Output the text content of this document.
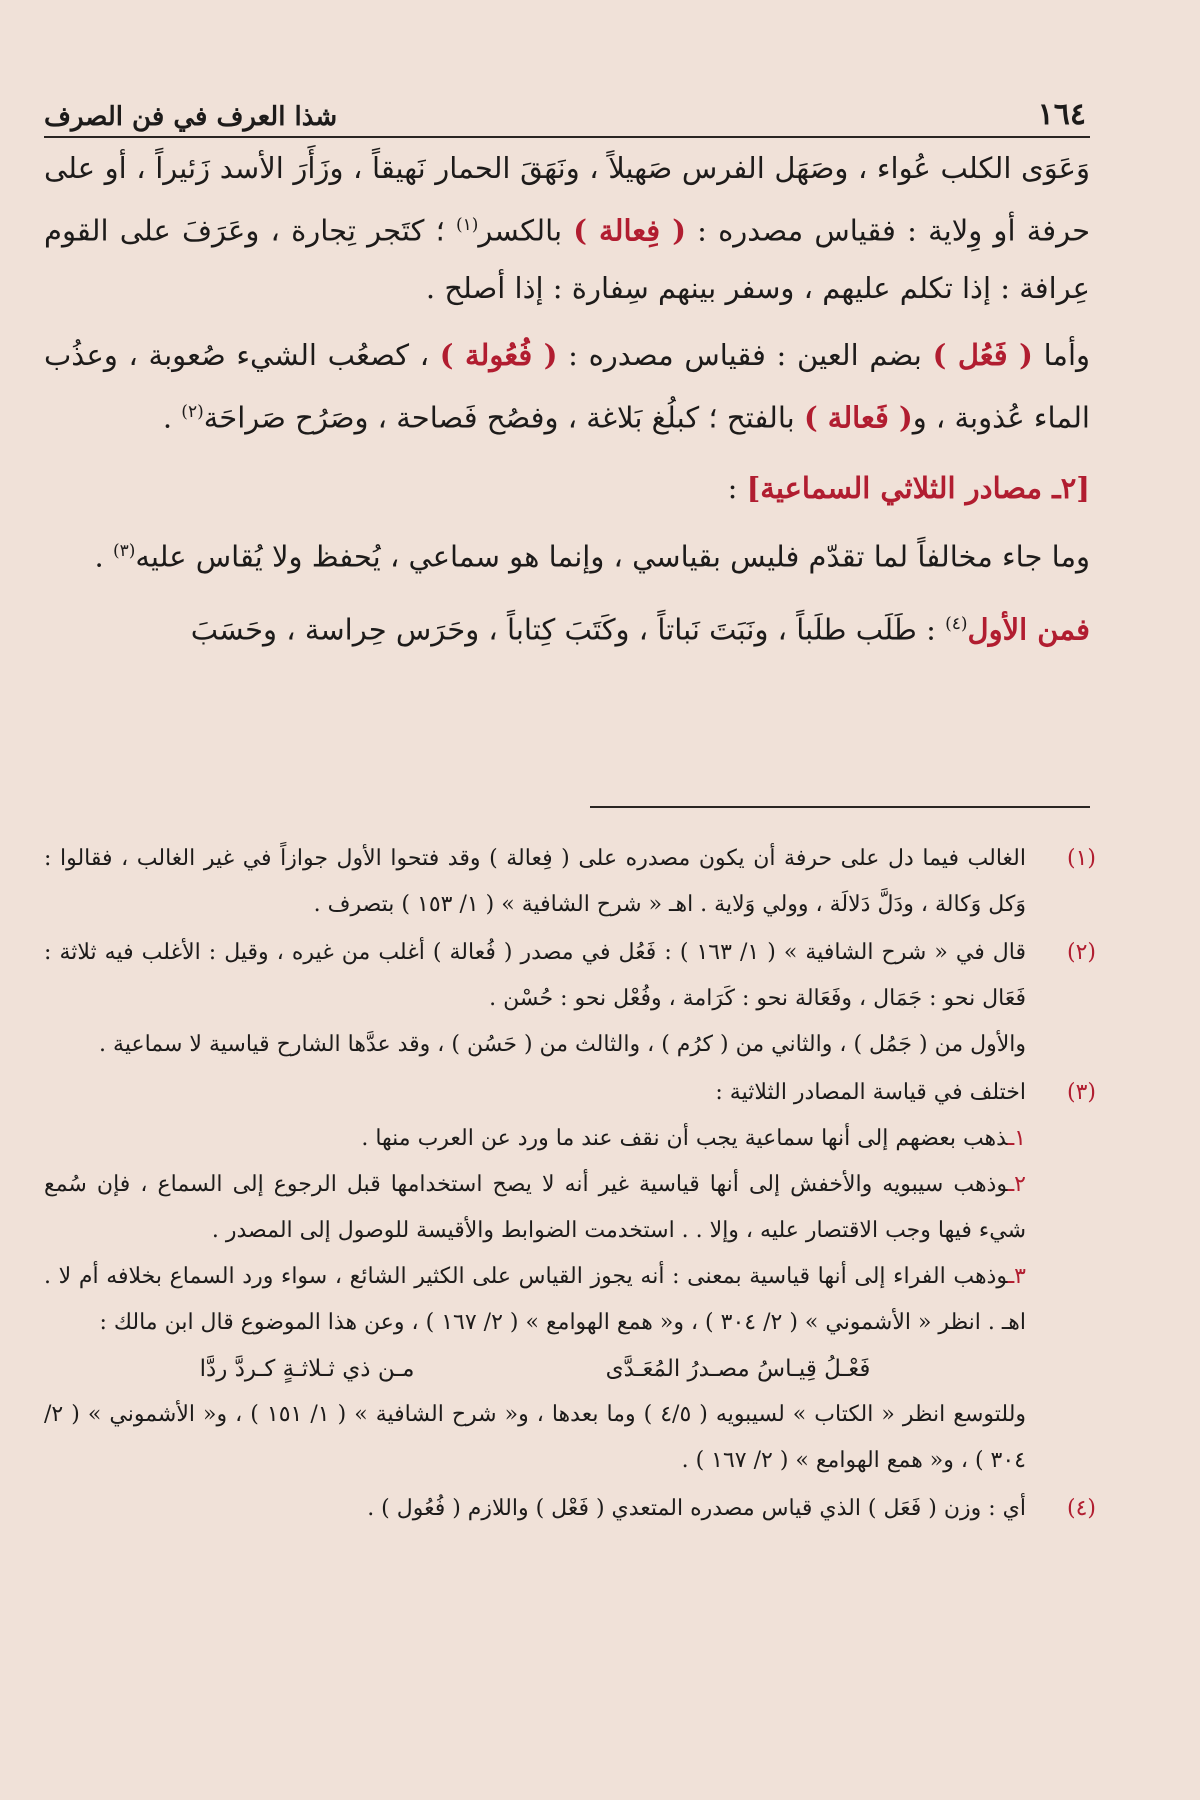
١٦٤
شذا العرف في فن الصرف

وَعَوَى الكلب عُواء ، وصَهَل الفرس صَهيلاً ، ونَهَقَ الحمار نَهيقاً ، وزَأَرَ الأسد زَئيراً ، أو على حرفة أو وِلاية : فقياس مصدره : ( فِعالة ) بالكسر$^{(١)}$ ؛ كتَجر تِجارة ، وعَرَفَ على القوم عِرافة : إذا تكلم عليهم ، وسفر بينهم سِفارة : إذا أصلح .

وأما ( فَعُل ) بضم العين : فقياس مصدره : ( فُعُولة ) ، كصعُب الشيء صُعوبة ، وعذُب الماء عُذوبة ، و( فَعالة ) بالفتح ؛ كبلُغ بَلاغة ، وفصُح فَصاحة ، وصَرُح صَراحَة$^{(٢)}$ .

[٢ـ مصادر الثلاثي السماعية] :

وما جاء مخالفاً لما تقدّم فليس بقياسي ، وإنما هو سماعي ، يُحفظ ولا يُقاس عليه$^{(٣)}$ .

فمن الأول$^{(٤)}$ : طَلَب طلَباً ، ونَبَتَ نَباتاً ، وكَتَبَ كِتاباً ، وحَرَس حِراسة ، وحَسَبَ

(١)
الغالب فيما دل على حرفة أن يكون مصدره على ( فِعالة ) وقد فتحوا الأول جوازاً في غير الغالب ، فقالوا : وَكل وَكالة ، ودَلَّ دَلالَة ، وولي وَلاية . اهـ « شرح الشافية » ( ١/ ١٥٣ ) بتصرف .
(٢)
قال في « شرح الشافية » ( ١/ ١٦٣ ) : فَعُل في مصدر ( فُعالة ) أغلب من غيره ، وقيل : الأغلب فيه ثلاثة : فَعَال نحو : جَمَال ، وفَعَالة نحو : كَرَامة ، وفُعْل نحو : حُسْن .
والأول من ( جَمُل ) ، والثاني من ( كرُم ) ، والثالث من ( حَسُن ) ، وقد عدَّها الشارح قياسية لا سماعية .
(٣)
اختلف في قياسة المصادر الثلاثية :
١ـذهب بعضهم إلى أنها سماعية يجب أن نقف عند ما ورد عن العرب منها .
٢ـوذهب سيبويه والأخفش إلى أنها قياسية غير أنه لا يصح استخدامها قبل الرجوع إلى السماع ، فإن سُمع شيء فيها وجب الاقتصار عليه ، وإلا . . استخدمت الضوابط والأقيسة للوصول إلى المصدر .
٣ـوذهب الفراء إلى أنها قياسية بمعنى : أنه يجوز القياس على الكثير الشائع ، سواء ورد السماع بخلافه أم لا . اهـ . انظر « الأشموني » ( ٢/ ٣٠٤ ) ، و« همع الهوامع » ( ٢/ ١٦٧ ) ، وعن هذا الموضوع قال ابن مالك :
فَعْـلُ قِيـاسُ مصـدرُ المُعَـدَّى
مـن ذي ثـلاثـةٍ كـردَّ ردَّا
وللتوسع انظر « الكتاب » لسيبويه ( ٤/٥ ) وما بعدها ، و« شرح الشافية » ( ١/ ١٥١ ) ، و« الأشموني » ( ٢/ ٣٠٤ ) ، و« همع الهوامع » ( ٢/ ١٦٧ ) .
(٤)
أي : وزن ( فَعَل ) الذي قياس مصدره المتعدي ( فَعْل ) واللازم ( فُعُول ) .
